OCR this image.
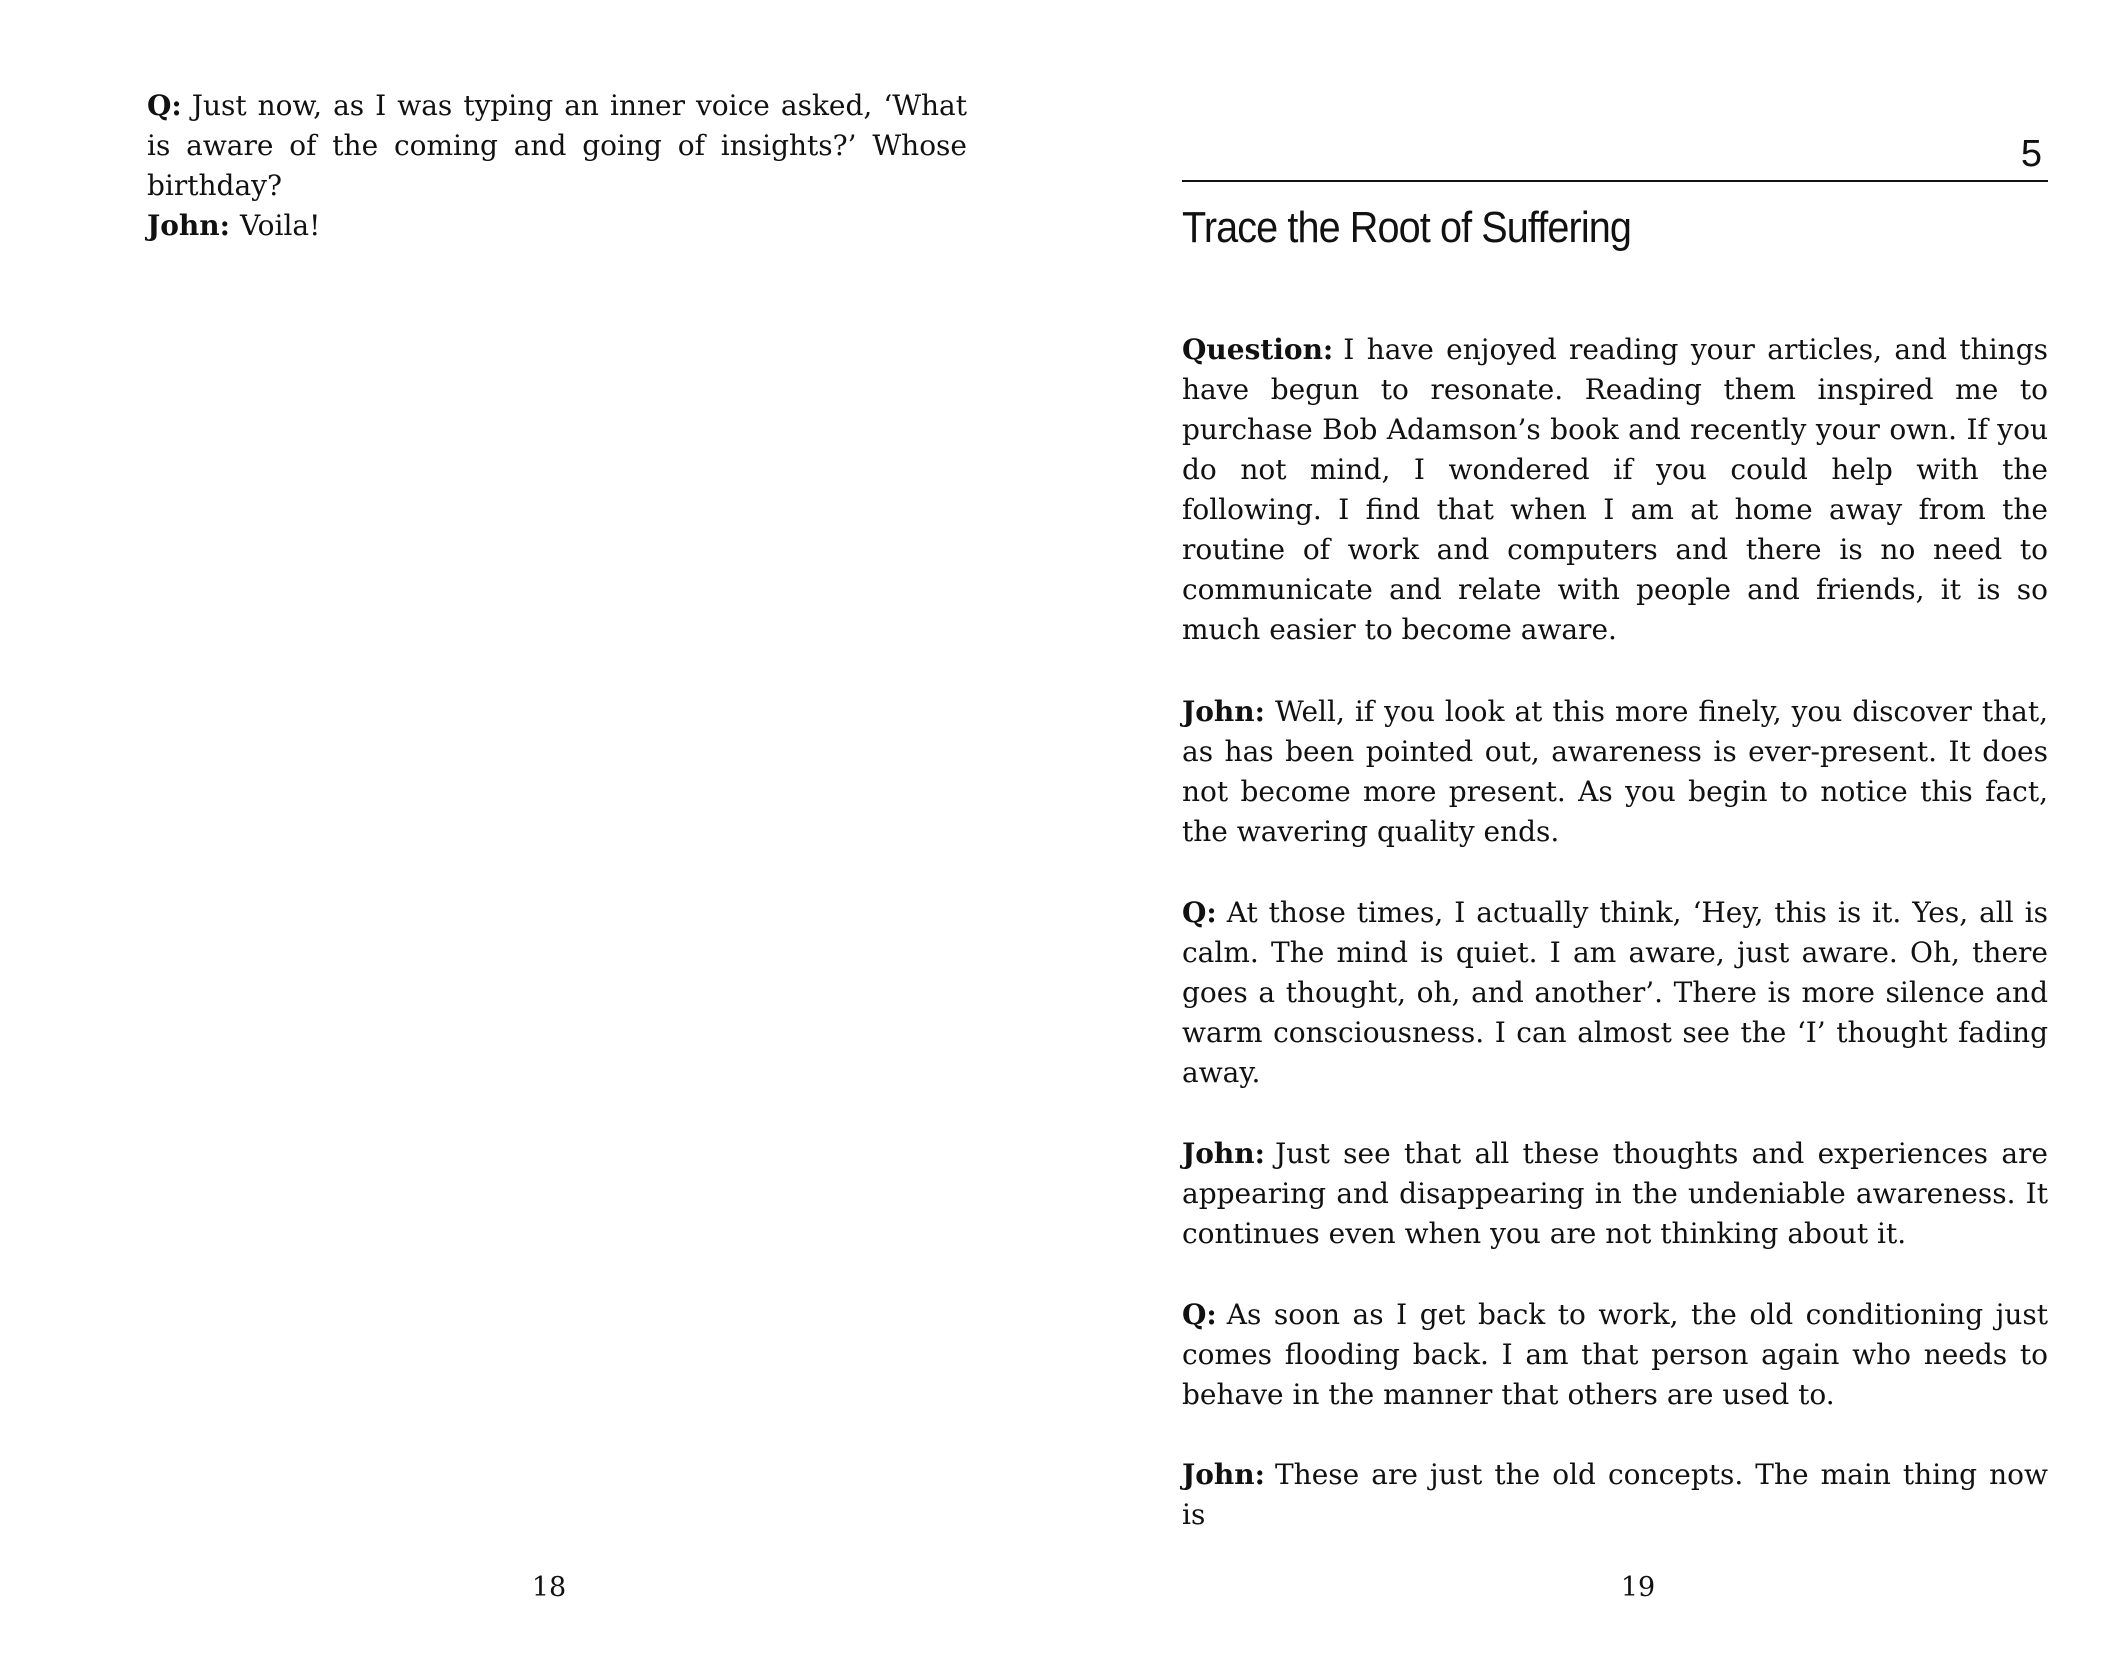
Q: Just now, as I was typing an inner voice asked, ‘What is aware of the coming and going of insights?’ Whose birthday?

John: Voila!

18
5
Trace the Root of Suffering

Question: I have enjoyed reading your articles, and things have begun to resonate. Reading them inspired me to purchase Bob Adamson’s book and recently your own. If you do not mind, I wondered if you could help with the following. I find that when I am at home away from the routine of work and computers and there is no need to communicate and relate with people and friends, it is so much easier to become aware.

John: Well, if you look at this more finely, you discover that, as has been pointed out, awareness is ever-present. It does not become more present. As you begin to notice this fact, the wavering quality ends.

Q: At those times, I actually think, ‘Hey, this is it. Yes, all is calm. The mind is quiet. I am aware, just aware. Oh, there goes a thought, oh, and another’. There is more silence and warm consciousness. I can almost see the ‘I’ thought fading away.

John: Just see that all these thoughts and experiences are appearing and disappearing in the undeniable awareness. It continues even when you are not thinking about it.

Q: As soon as I get back to work, the old conditioning just comes flooding back. I am that person again who needs to behave in the manner that others are used to.

John: These are just the old concepts. The main thing now is

19
